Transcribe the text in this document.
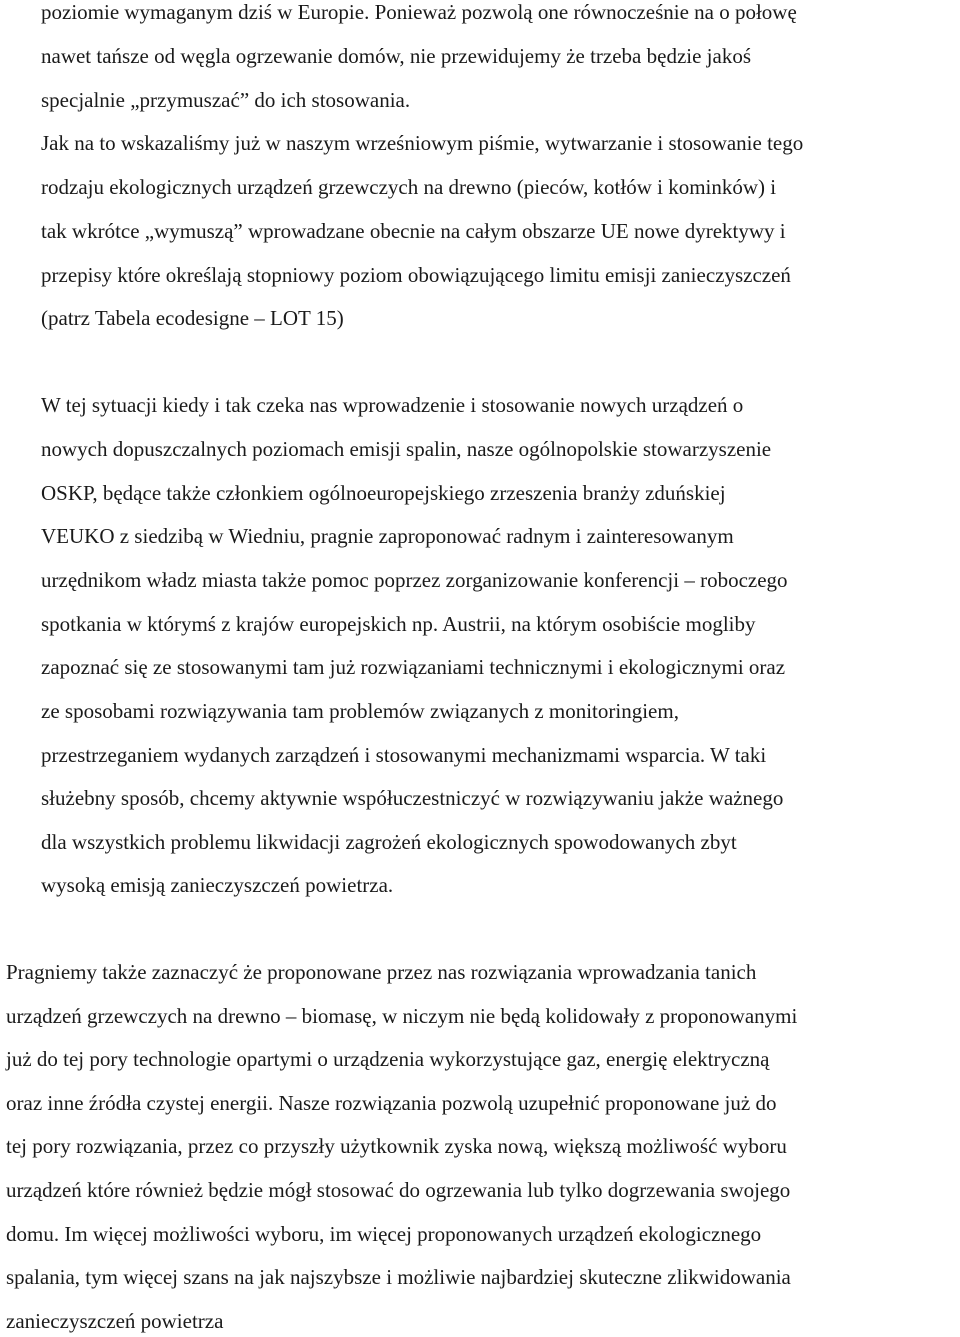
poziomie wymaganym dziś w Europie. Ponieważ pozwolą one równocześnie na o połowę
nawet tańsze od węgla ogrzewanie domów, nie przewidujemy że trzeba będzie jakoś
specjalnie „przymuszać” do ich stosowania.
Jak na to wskazaliśmy już w naszym wrześniowym piśmie, wytwarzanie i stosowanie tego
rodzaju ekologicznych urządzeń grzewczych na drewno (pieców, kotłów i kominków) i
tak wkrótce „wymuszą” wprowadzane obecnie na całym obszarze UE nowe dyrektywy i
przepisy które określają stopniowy poziom obowiązującego limitu emisji zanieczyszczeń
(patrz Tabela ecodesigne – LOT 15)
W tej sytuacji kiedy i tak czeka nas wprowadzenie i stosowanie nowych urządzeń o
nowych dopuszczalnych poziomach emisji spalin, nasze ogólnopolskie stowarzyszenie
OSKP, będące także członkiem ogólnoeuropejskiego zrzeszenia branży zduńskiej
VEUKO z siedzibą w Wiedniu, pragnie zaproponować radnym i zainteresowanym
urzędnikom władz miasta także pomoc poprzez zorganizowanie konferencji – roboczego
spotkania w którymś z krajów europejskich np. Austrii, na którym osobiście mogliby
zapoznać się ze stosowanymi tam już rozwiązaniami technicznymi i ekologicznymi oraz
ze sposobami rozwiązywania tam problemów związanych z monitoringiem,
przestrzeganiem wydanych zarządzeń i stosowanymi mechanizmami wsparcia. W taki
służebny sposób, chcemy aktywnie współuczestniczyć w rozwiązywaniu jakże ważnego
dla wszystkich problemu likwidacji zagrożeń ekologicznych spowodowanych zbyt
wysoką emisją zanieczyszczeń powietrza.
Pragniemy także zaznaczyć że proponowane przez nas rozwiązania wprowadzania tanich
urządzeń grzewczych na drewno – biomasę, w niczym nie będą kolidowały z proponowanymi
już do tej pory technologie opartymi o urządzenia wykorzystujące gaz, energię elektryczną
oraz inne źródła czystej energii. Nasze rozwiązania pozwolą uzupełnić proponowane już do
tej pory rozwiązania, przez co przyszły użytkownik zyska nową, większą możliwość wyboru
urządzeń które również będzie mógł stosować do ogrzewania lub tylko dogrzewania swojego
domu. Im więcej możliwości wyboru, im więcej proponowanych urządzeń ekologicznego
spalania, tym więcej szans na jak najszybsze i możliwie najbardziej skuteczne zlikwidowania
zanieczyszczeń powietrza
